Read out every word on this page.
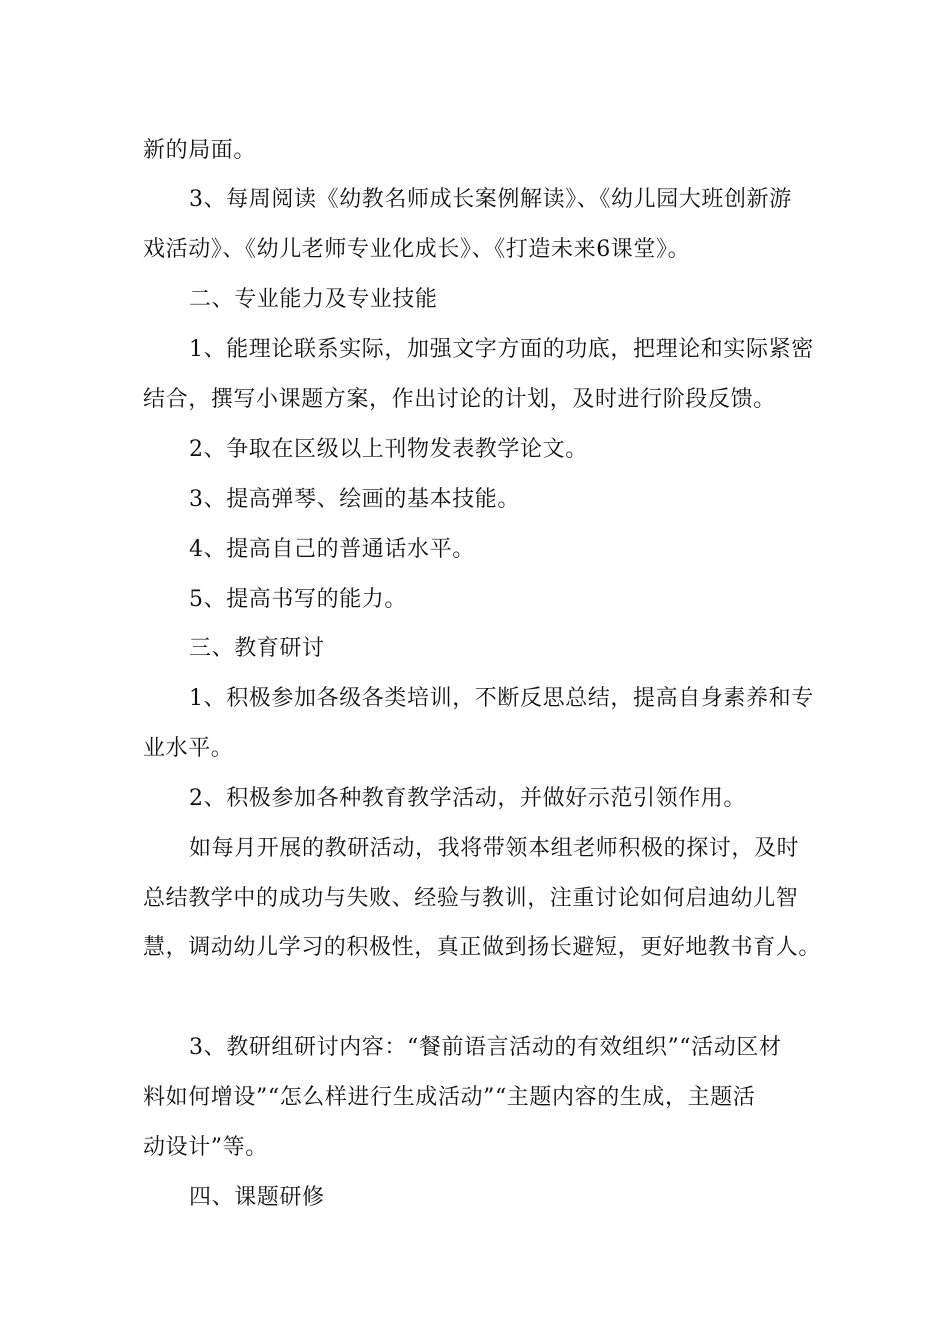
新的局面。
3、每周阅读《幼教名师成长案例解读》、《幼儿园大班创新游
戏活动》、《幼儿老师专业化成长》、《打造未来6课堂》。
二、专业能力及专业技能
1、能理论联系实际，加强文字方面的功底，把理论和实际紧密
结合，撰写小课题方案，作出讨论的计划，及时进行阶段反馈。
2、争取在区级以上刊物发表教学论文。
3、提高弹琴、绘画的基本技能。
4、提高自己的普通话水平。
5、提高书写的能力。
三、教育研讨
1、积极参加各级各类培训，不断反思总结，提高自身素养和专
业水平。
2、积极参加各种教育教学活动，并做好示范引领作用。
如每月开展的教研活动，我将带领本组老师积极的探讨，及时
总结教学中的成功与失败、经验与教训，注重讨论如何启迪幼儿智
慧，调动幼儿学习的积极性，真正做到扬长避短，更好地教书育人。
3、教研组研讨内容：“餐前语言活动的有效组织”“活动区材
料如何增设”“怎么样进行生成活动”“主题内容的生成，主题活
动设计”等。
四、课题研修
